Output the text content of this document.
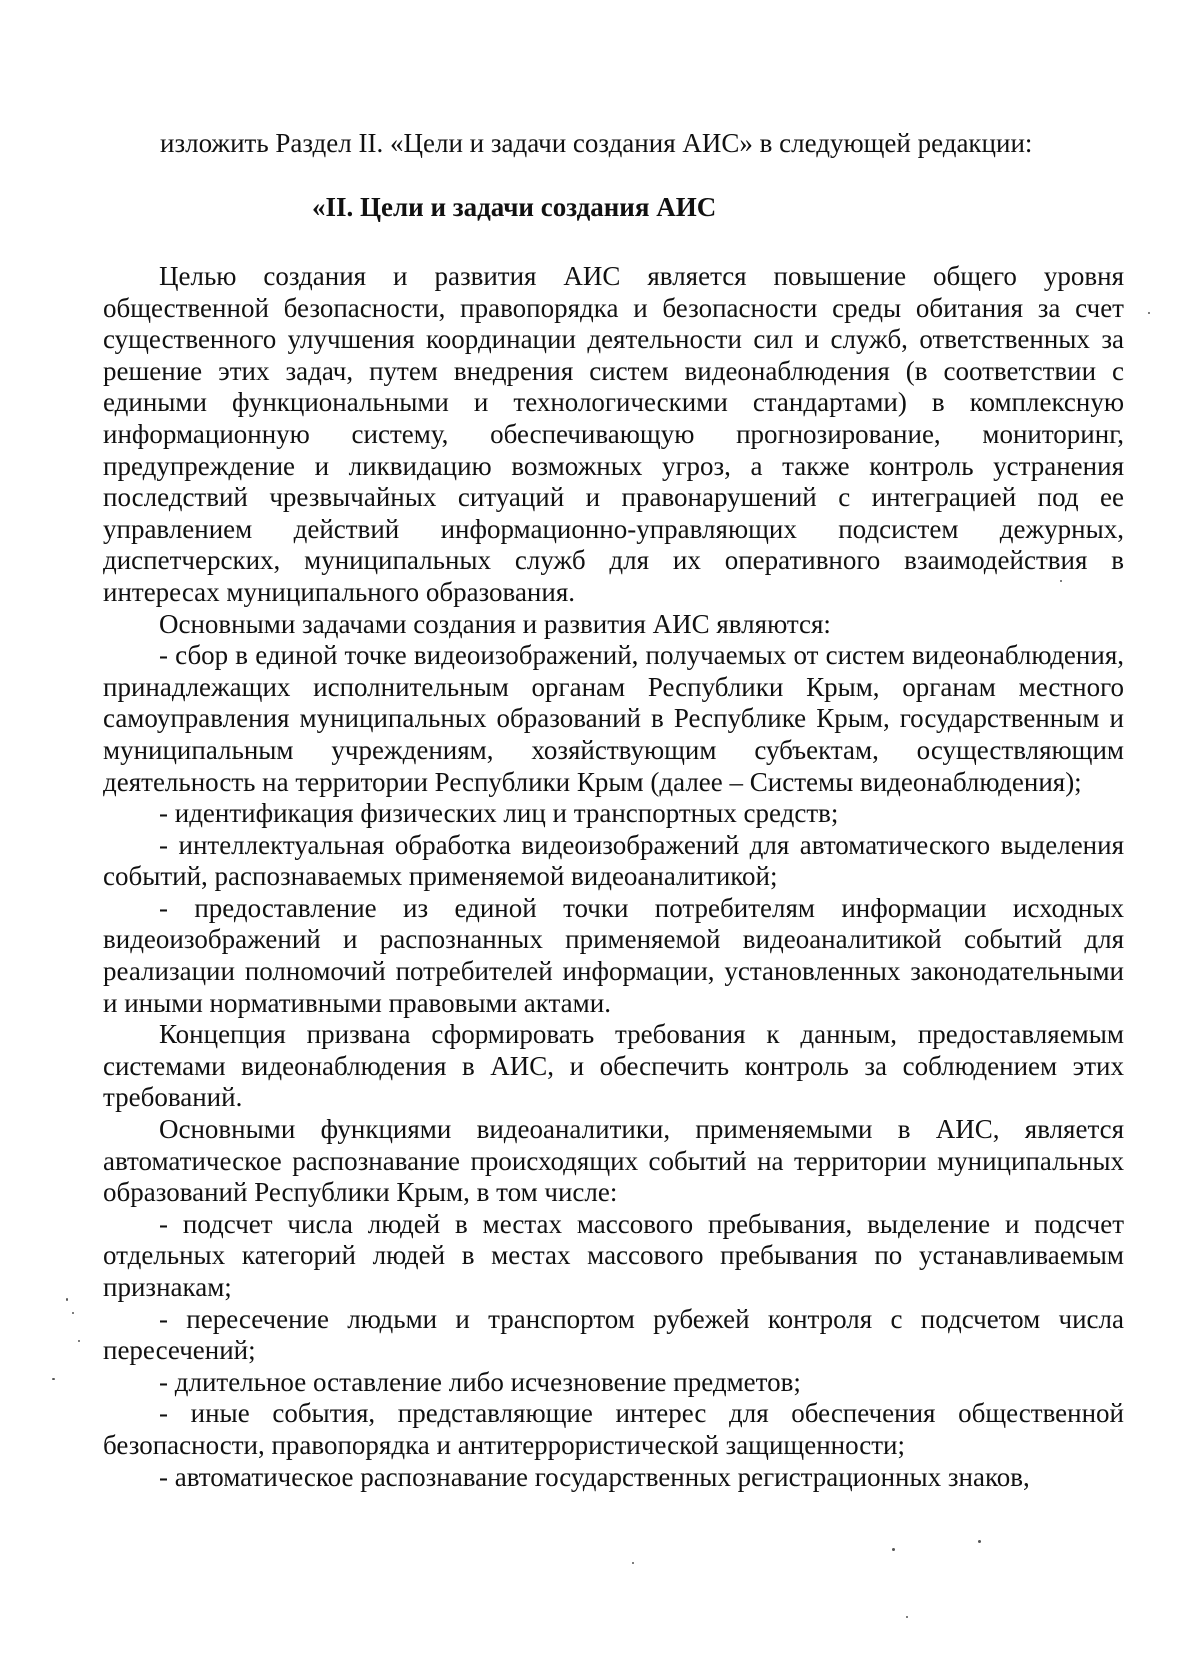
изложить Раздел II. «Цели и задачи создания АИС» в следующей редакции:

«II. Цели и задачи создания АИС

Целью создания и развития АИС является повышение общего уровня общественной безопасности, правопорядка и безопасности среды обитания за счет существенного улучшения координации деятельности сил и служб, ответственных за решение этих задач, путем внедрения систем видеонаблюдения (в соответствии с едиными функциональными и технологическими стандартами) в комплексную информационную систему, обеспечивающую прогнозирование, мониторинг, предупреждение и ликвидацию возможных угроз, а также контроль устранения последствий чрезвычайных ситуаций и правонарушений с интеграцией под ее управлением действий информационно-управляющих подсистем дежурных, диспетчерских, муниципальных служб для их оперативного взаимодействия в интересах муниципального образования.

Основными задачами создания и развития АИС являются:

- сбор в единой точке видеоизображений, получаемых от систем видеонаблюдения, принадлежащих исполнительным органам Республики Крым, органам местного самоуправления муниципальных образований в Республике Крым, государственным и муниципальным учреждениям, хозяйствующим субъектам, осуществляющим деятельность на территории Республики Крым (далее – Системы видеонаблюдения);

- идентификация физических лиц и транспортных средств;

- интеллектуальная обработка видеоизображений для автоматического выделения событий, распознаваемых применяемой видеоаналитикой;

- предоставление из единой точки потребителям информации исходных видеоизображений и распознанных применяемой видеоаналитикой событий для реализации полномочий потребителей информации, установленных законодательными и иными нормативными правовыми актами.

Концепция призвана сформировать требования к данным, предоставляемым системами видеонаблюдения в АИС, и обеспечить контроль за соблюдением этих требований.

Основными функциями видеоаналитики, применяемыми в АИС, является автоматическое распознавание происходящих событий на территории муниципальных образований Республики Крым, в том числе:

- подсчет числа людей в местах массового пребывания, выделение и подсчет отдельных категорий людей в местах массового пребывания по устанавливаемым признакам;

- пересечение людьми и транспортом рубежей контроля с подсчетом числа пересечений;

- длительное оставление либо исчезновение предметов;

- иные события, представляющие интерес для обеспечения общественной безопасности, правопорядка и антитеррористической защищенности;

- автоматическое распознавание государственных регистрационных знаков,
